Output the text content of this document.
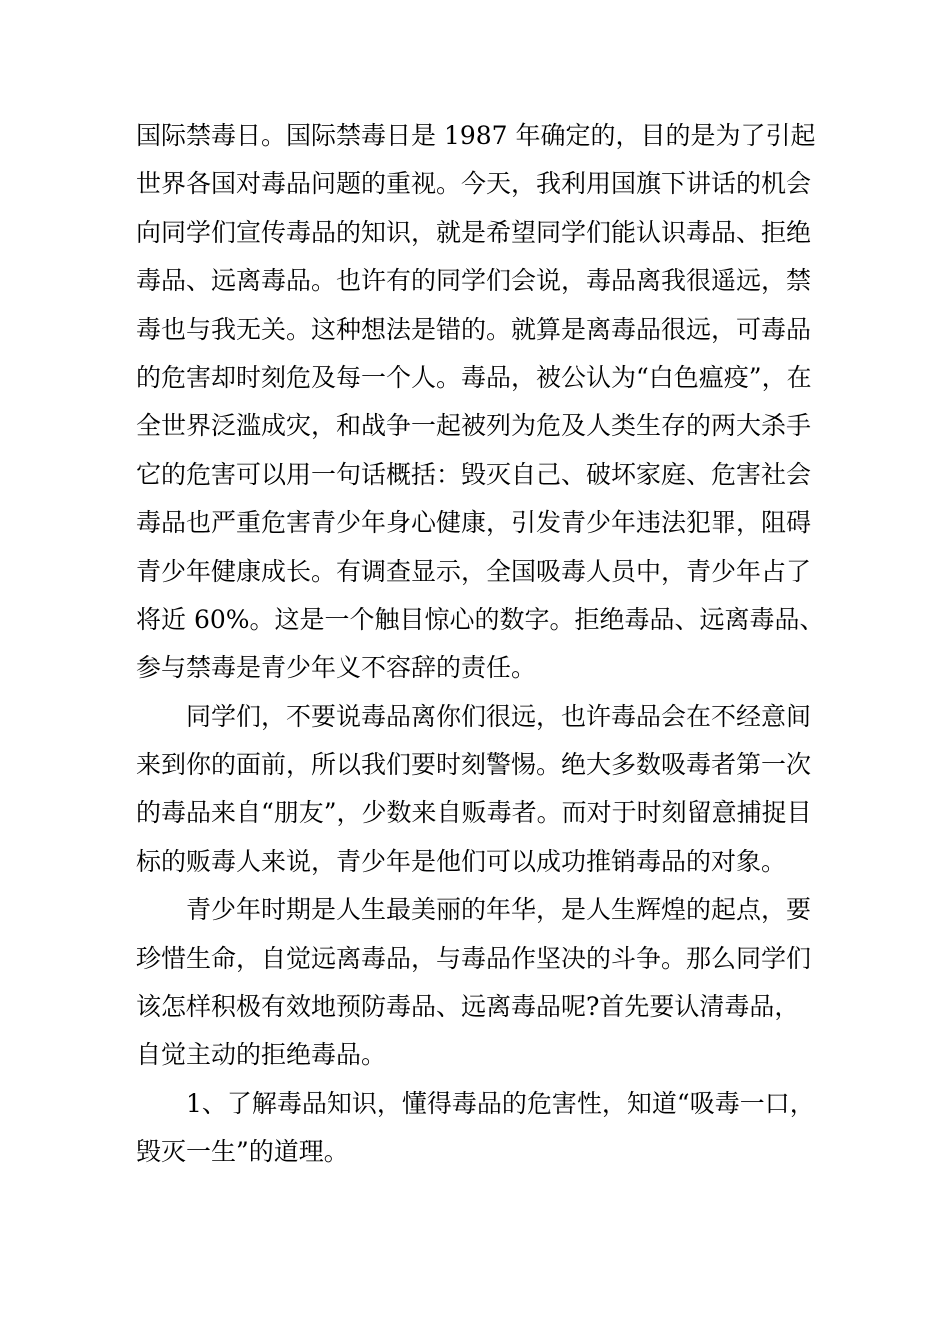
国际禁毒日。国际禁毒日是 1987 年确定的，目的是为了引起
世界各国对毒品问题的重视。今天，我利用国旗下讲话的机会
向同学们宣传毒品的知识，就是希望同学们能认识毒品、拒绝
毒品、远离毒品。也许有的同学们会说，毒品离我很遥远，禁
毒也与我无关。这种想法是错的。就算是离毒品很远，可毒品
的危害却时刻危及每一个人。毒品，被公认为“白色瘟疫”，在
全世界泛滥成灾，和战争一起被列为危及人类生存的两大杀手
它的危害可以用一句话概括：毁灭自己、破坏家庭、危害社会
毒品也严重危害青少年身心健康，引发青少年违法犯罪，阻碍
青少年健康成长。有调查显示，全国吸毒人员中，青少年占了
将近 60%。这是一个触目惊心的数字。拒绝毒品、远离毒品、
参与禁毒是青少年义不容辞的责任。
同学们，不要说毒品离你们很远，也许毒品会在不经意间
来到你的面前，所以我们要时刻警惕。绝大多数吸毒者第一次
的毒品来自“朋友”，少数来自贩毒者。而对于时刻留意捕捉目
标的贩毒人来说，青少年是他们可以成功推销毒品的对象。
青少年时期是人生最美丽的年华，是人生辉煌的起点，要
珍惜生命，自觉远离毒品，与毒品作坚决的斗争。那么同学们
该怎样积极有效地预防毒品、远离毒品呢?首先要认清毒品，
自觉主动的拒绝毒品。
1、了解毒品知识，懂得毒品的危害性，知道“吸毒一口，
毁灭一生”的道理。
